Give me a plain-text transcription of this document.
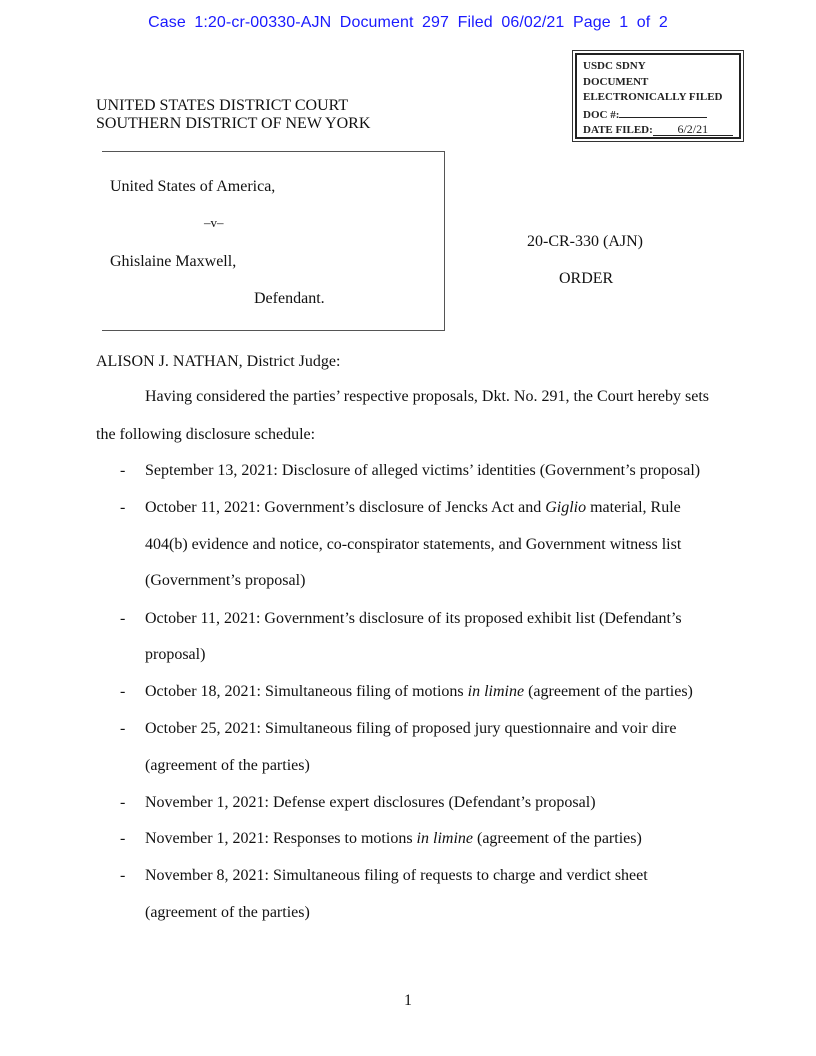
Case 1:20-cr-00330-AJN Document 297 Filed 06/02/21 Page 1 of 2
USDC SDNY
DOCUMENT
ELECTRONICALLY FILED
DOC #:
DATE FILED: 6/2/21
UNITED STATES DISTRICT COURT
SOUTHERN DISTRICT OF NEW YORK
United States of America,
–v–
Ghislaine Maxwell,
Defendant.
20-CR-330 (AJN)
ORDER
ALISON J. NATHAN, District Judge:
Having considered the parties’ respective proposals, Dkt. No. 291, the Court hereby sets
the following disclosure schedule:
- September 13, 2021: Disclosure of alleged victims’ identities (Government’s proposal)
- October 11, 2021: Government’s disclosure of Jencks Act and Giglio material, Rule
404(b) evidence and notice, co-conspirator statements, and Government witness list
(Government’s proposal)
- October 11, 2021: Government’s disclosure of its proposed exhibit list (Defendant’s
proposal)
- October 18, 2021: Simultaneous filing of motions in limine (agreement of the parties)
- October 25, 2021: Simultaneous filing of proposed jury questionnaire and voir dire
(agreement of the parties)
- November 1, 2021: Defense expert disclosures (Defendant’s proposal)
- November 1, 2021: Responses to motions in limine (agreement of the parties)
- November 8, 2021: Simultaneous filing of requests to charge and verdict sheet
(agreement of the parties)
1
